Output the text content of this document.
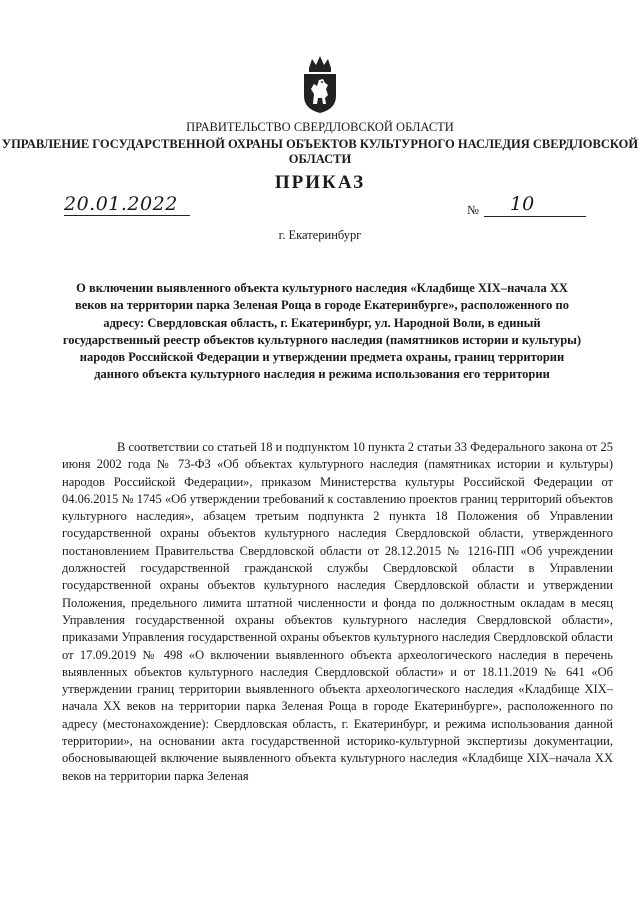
ПРАВИТЕЛЬСТВО СВЕРДЛОВСКОЙ ОБЛАСТИ
УПРАВЛЕНИЕ ГОСУДАРСТВЕННОЙ ОХРАНЫ ОБЪЕКТОВ КУЛЬТУРНОГО НАСЛЕДИЯ СВЕРДЛОВСКОЙ ОБЛАСТИ
ПРИКАЗ
20.01.2022	№ 10
г. Екатеринбург
О включении выявленного объекта культурного наследия «Кладбище XIX–начала XX веков на территории парка Зеленая Роща в городе Екатеринбурге», расположенного по адресу: Свердловская область, г. Екатеринбург, ул. Народной Воли, в единый государственный реестр объектов культурного наследия (памятников истории и культуры) народов Российской Федерации и утверждении предмета охраны, границ территории данного объекта культурного наследия и режима использования его территории
В соответствии со статьей 18 и подпунктом 10 пункта 2 статьи 33 Федерального закона от 25 июня 2002 года № 73-ФЗ «Об объектах культурного наследия (памятниках истории и культуры) народов Российской Федерации», приказом Министерства культуры Российской Федерации от 04.06.2015 № 1745 «Об утверждении требований к составлению проектов границ территорий объектов культурного наследия», абзацем третьим подпункта 2 пункта 18 Положения об Управлении государственной охраны объектов культурного наследия Свердловской области, утвержденного постановлением Правительства Свердловской области от 28.12.2015 № 1216-ПП «Об учреждении должностей государственной гражданской службы Свердловской области в Управлении государственной охраны объектов культурного наследия Свердловской области и утверждении Положения, предельного лимита штатной численности и фонда по должностным окладам в месяц Управления государственной охраны объектов культурного наследия Свердловской области», приказами Управления государственной охраны объектов культурного наследия Свердловской области от 17.09.2019 № 498 «О включении выявленного объекта археологического наследия в перечень выявленных объектов культурного наследия Свердловской области» и от 18.11.2019 № 641 «Об утверждении границ территории выявленного объекта археологического наследия «Кладбище XIX–начала XX веков на территории парка Зеленая Роща в городе Екатеринбурге», расположенного по адресу (местонахождение): Свердловская область, г. Екатеринбург, и режима использования данной территории», на основании акта государственной историко-культурной экспертизы документации, обосновывающей включение выявленного объекта культурного наследия «Кладбище XIX–начала XX веков на территории парка Зеленая
